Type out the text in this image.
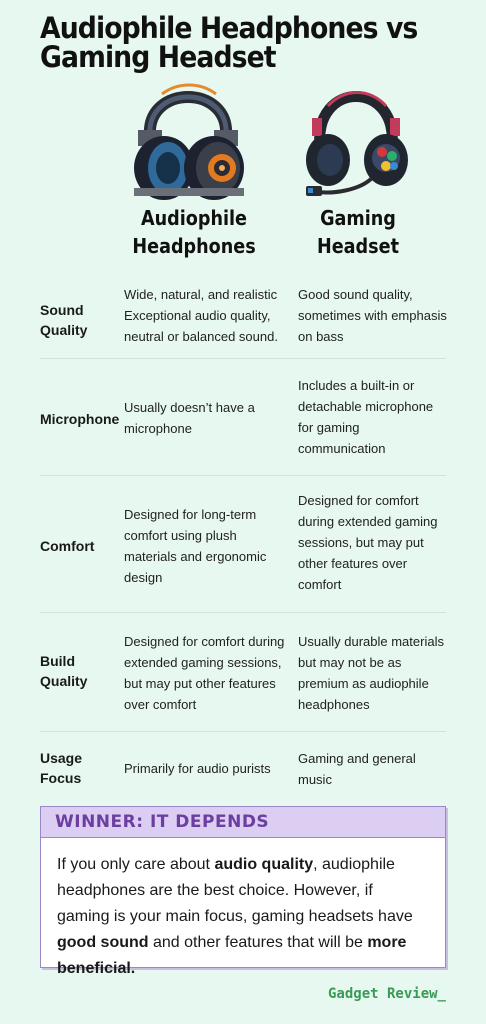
Audiophile Headphones vs Gaming Headset
Audiophile
Headphones
Gaming
Headset
Sound Quality
Wide, natural, and realistic Exceptional audio quality, neutral or balanced sound.
Good sound quality, sometimes with emphasis on bass
Microphone
Usually doesn’t have a microphone
Includes a built-in or detachable microphone for gaming communication
Comfort
Designed for long-term comfort using plush materials and ergonomic design
Designed for comfort during extended gaming sessions, but may put other features over comfort
Build Quality
Designed for comfort during extended gaming sessions, but may put other features over comfort
Usually durable materials but may not be as premium as audiophile headphones
Usage Focus
Primarily for audio purists
Gaming and general music
WINNER: IT DEPENDS
If you only care about audio quality, audiophile headphones are the best choice. However, if gaming is your main focus, gaming headsets have good sound and other features that will be more beneficial.
Gadget Review_
